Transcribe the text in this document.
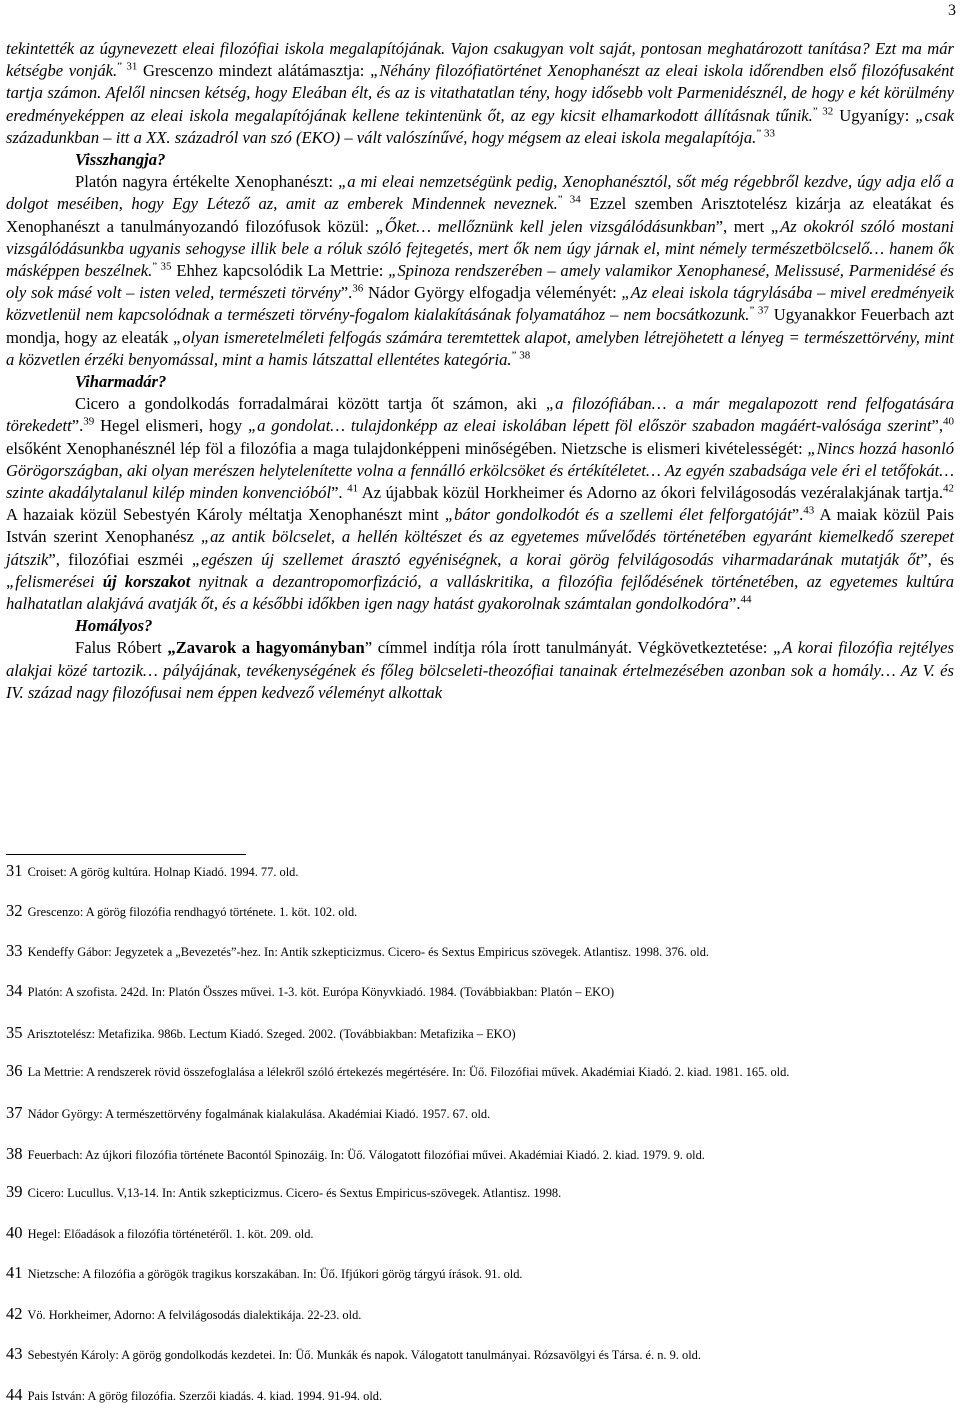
3

tekintették az úgynevezett eleai filozófiai iskola megalapítójának. Vajon csakugyan volt saját, pontosan meghatározott tanítása? Ezt ma már kétségbe vonják.$^{” 31}$ Grescenzo mindezt alátámasztja: „Néhány filozófiatörténet Xenophanészt az eleai iskola időrendben első filozófusaként tartja számon. Afelől nincsen kétség, hogy Eleában élt, és az is vitathatatlan tény, hogy idősebb volt Parmenidésznél, de hogy e két körülmény eredményeképpen az eleai iskola megalapítójának kellene tekintenünk őt, az egy kicsit elhamarkodott állításnak tűnik.$^{” 32}$ Ugyanígy: „csak századunkban – itt a XX. századról van szó (EKO) – vált valószínűvé, hogy mégsem az eleai iskola megalapítója.$^{” 33}$

Visszhangja?

Platón nagyra értékelte Xenophanészt: „a mi eleai nemzetségünk pedig, Xenophanésztól, sőt még régebbről kezdve, úgy adja elő a dolgot meséiben, hogy Egy Létező az, amit az emberek Mindennek neveznek.$^{” 34}$ Ezzel szemben Arisztotelész kizárja az eleatákat és Xenophanészt a tanulmányozandó filozófusok közül: „Őket… mellőznünk kell jelen vizsgálódásunkban”, mert „Az okokról szóló mostani vizsgálódásunkba ugyanis sehogyse illik bele a róluk szóló fejtegetés, mert ők nem úgy járnak el, mint némely természetbölcselő… hanem ők másképpen beszélnek.$^{” 35}$ Ehhez kapcsolódik La Mettrie: „Spinoza rendszerében – amely valamikor Xenophanesé, Melissusé, Parmenidésé és oly sok másé volt – isten veled, természeti törvény”.$^{36}$ Nádor György elfogadja véleményét: „Az eleai iskola tágrylásába – mivel eredményeik közvetlenül nem kapcsolódnak a természeti törvény-fogalom kialakításának folyamatához – nem bocsátkozunk.$^{” 37}$ Ugyanakkor Feuerbach azt mondja, hogy az eleaták „olyan ismeretelméleti felfogás számára teremtettek alapot, amelyben létrejöhetett a lényeg = természettörvény, mint a közvetlen érzéki benyomással, mint a hamis látszattal ellentétes kategória.$^{” 38}$

Viharmadár?

Cicero a gondolkodás forradalmárai között tartja őt számon, aki „a filozófiában… a már megalapozott rend felfogatására törekedett”.$^{39}$ Hegel elismeri, hogy „a gondolat… tulajdonképp az eleai iskolában lépett föl először szabadon magáért-valósága szerint”,$^{40}$ elsőként Xenophanésznél lép föl a filozófia a maga tulajdonképpeni minőségében. Nietzsche is elismeri kivételességét: „Nincs hozzá hasonló Görögországban, aki olyan merészen helytelenítette volna a fennálló erkölcsöket és értékítéletet… Az egyén szabadsága vele éri el tetőfokát… szinte akadálytalanul kilép minden konvencióból”. $^{41}$ Az újabbak közül Horkheimer és Adorno az ókori felvilágosodás vezéralakjának tartja.$^{42}$ A hazaiak közül Sebestyén Károly méltatja Xenophanészt mint „bátor gondolkodót és a szellemi élet felforgatóját”.$^{43}$ A maiak közül Pais István szerint Xenophanész „az antik bölcselet, a hellén költészet és az egyetemes művelődés történetében egyaránt kiemelkedő szerepet játszik”, filozófiai eszméi „egészen új szellemet árasztó egyéniségnek, a korai görög felvilágosodás viharmadarának mutatják őt”, és „felismerései új korszakot nyitnak a dezantropomorfizáció, a valláskritika, a filozófia fejlődésének történetében, az egyetemes kultúra halhatatlan alakjává avatják őt, és a későbbi időkben igen nagy hatást gyakorolnak számtalan gondolkodóra”.$^{44}$

Homályos?

Falus Róbert „Zavarok a hagyományban” címmel indítja róla írott tanulmányát. Végkövetkeztetése: „A korai filozófia rejtélyes alakjai közé tartozik… pályájának, tevékenységének és főleg bölcseleti-theozófiai tanainak értelmezésében azonban sok a homály… Az V. és IV. század nagy filozófusai nem éppen kedvező véleményt alkottak

31 Croiset: A görög kultúra. Holnap Kiadó. 1994. 77. old.
32 Grescenzo: A görög filozófia rendhagyó története. 1. köt. 102. old.
33 Kendeffy Gábor: Jegyzetek a „Bevezetés”-hez. In: Antik szkepticizmus. Cicero- és Sextus Empiricus szövegek. Atlantisz. 1998. 376. old.
34 Platón: A szofista. 242d. In: Platón Összes művei. 1-3. köt. Európa Könyvkiadó. 1984. (Továbbiakban: Platón – EKO)
35 Arisztotelész: Metafizika. 986b. Lectum Kiadó. Szeged. 2002. (Továbbiakban: Metafizika – EKO)
36 La Mettrie: A rendszerek rövid összefoglalása a lélekről szóló értekezés megértésére. In: Üő. Filozófiai művek. Akadémiai Kiadó. 2. kiad. 1981. 165. old.
37 Nádor György: A természettörvény fogalmának kialakulása. Akadémiai Kiadó. 1957. 67. old.
38 Feuerbach: Az újkori filozófia története Bacontól Spinozáig. In: Üő. Válogatott filozófiai művei. Akadémiai Kiadó. 2. kiad. 1979. 9. old.
39 Cicero: Lucullus. V,13-14. In: Antik szkepticizmus. Cicero- és Sextus Empiricus-szövegek. Atlantisz. 1998.
40 Hegel: Előadások a filozófia történetéről. 1. köt. 209. old.
41 Nietzsche: A filozófia a görögök tragikus korszakában. In: Üő. Ifjúkori görög tárgyú írások. 91. old.
42 Vö. Horkheimer, Adorno: A felvilágosodás dialektikája. 22-23. old.
43 Sebestyén Károly: A görög gondolkodás kezdetei. In: Üő. Munkák és napok. Válogatott tanulmányai. Rózsavölgyi és Társa. é. n. 9. old.
44 Pais István: A görög filozófia. Szerzői kiadás. 4. kiad. 1994. 91-94. old.
